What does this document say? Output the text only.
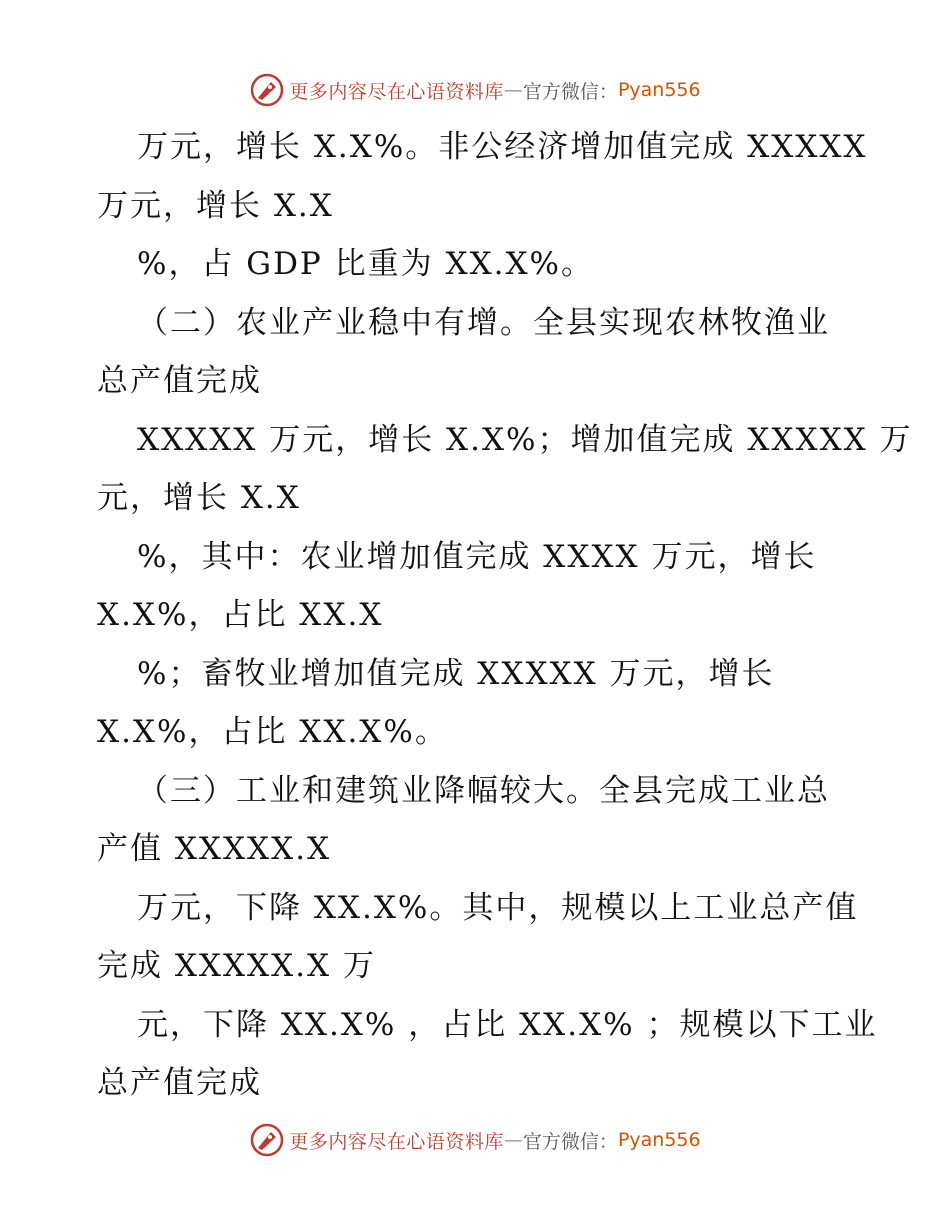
更多内容尽在心语资料库 — 官方微信： Pyan556
万元，增长 X.X%。非公经济增加值完成 XXXXX
万元，增长 X.X
%，占 GDP 比重为 XX.X%。
（二）农业产业稳中有增。全县实现农林牧渔业
总产值完成
XXXXX 万元，增长 X.X%；增加值完成 XXXXX 万
元，增长 X.X
%，其中：农业增加值完成 XXXX 万元，增长
X.X%，占比 XX.X
%；畜牧业增加值完成 XXXXX 万元，增长
X.X%，占比 XX.X%。
（三）工业和建筑业降幅较大。全县完成工业总
产值 XXXXX.X
万元，下降 XX.X%。其中，规模以上工业总产值
完成 XXXXX.X 万
元，下降 XX.X% ，占比 XX.X% ；规模以下工业
总产值完成
更多内容尽在心语资料库 — 官方微信： Pyan556
